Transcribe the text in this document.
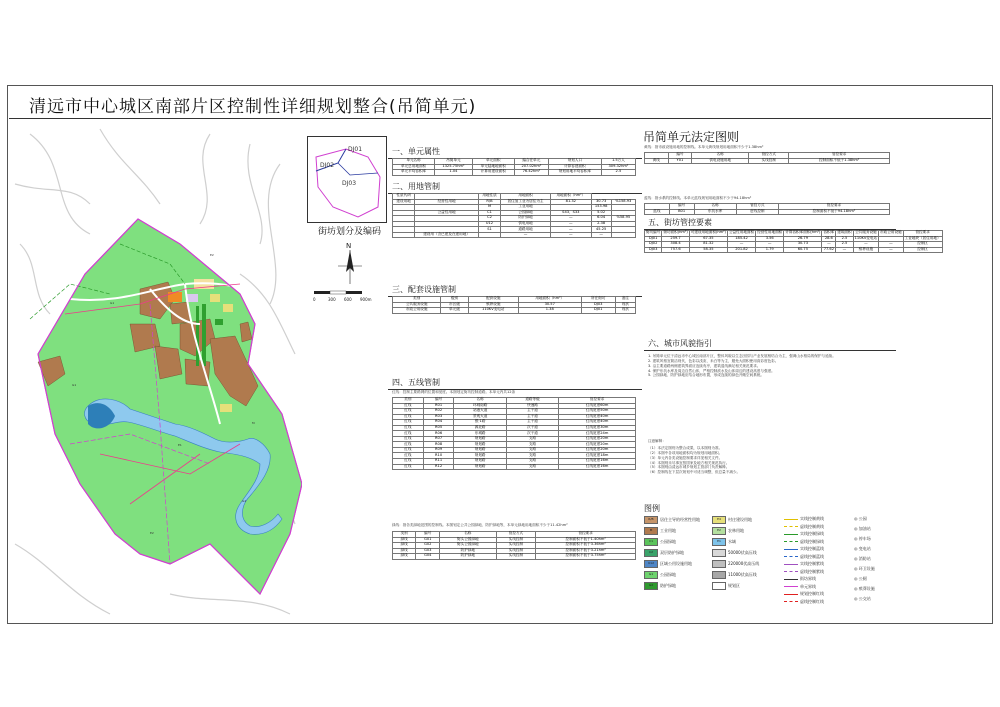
清远市中心城区南部片区控制性详细规划整合(吊简单元)
G1
E2
G1
E1
G2
E2
M
DJ01
DJ02
DJ03
街坊划分及编码
N
0	300 600 900m
一、单元属性
单元名称	吊简单元	单元面积	编合在单元	规划人口	1.5万人
单元总用地面积	1325.75hm²	单元陆地地面积	207.02hm²	计算容建面积	309.32hm²
单元平均容积率	1.04	计算用建设面积	76.42hm²	规划用地平均容积率	2.5
二、用地管制
性质代码		用地性质	用地面积	用地面积（hm²）		
建设用地	经营性用地	R/B	居住加工业为居住为主	81.32	30.73	%158.93
		M	工业用地		153.98	
	公益性用地	C1	公园绿地	S43、S33	5.02	
		C2	防护绿地	—	6.04	%58.95
		U12	供电用地	—	2.38	
		S1	道路用地	—	45.25	
	建设用（含已建及在建用地）		—	—	—	
三、配套设施管制
类别	级别	配套设施	用地面积（hm²）	所在街坊	备注
公共服务设施	市区级	殡葬设施	30.57	DJ03	现状
市政公用设施	单元级	110KV变电站	1.38	DJ01	现状
四、五线管制
红线：控制主要路网的位置和宽度。本图划定街坊控制道路。本单元内共12条
类别	编号	名称	道路等级	管控要求
红线	R01	环城南路	快速路	红线宽度60m
红线	R02	站港大道	主干道	红线宽度50m
红线	R03	景观大道	主干道	红线宽度40m
红线	R04	银·1路	主干道	红线宽度40m
红线	R05	源北路	次干道	红线宽度30m
红线	R06	东城路	次干道	红线宽度24m
红线	R07	规划路	支路	红线宽度20m
红线	R08	规划路	支路	红线宽度20m
红线	R09	规划路	支路	红线宽度20m
红线	R10	规划路	支路	红线宽度18m
红线	R11	规划路	支路	红线宽度16m
红线	R12	规划路	支路	红线宽度16m
绿线：指各类绿地范围的控制线。本图划定公共公园绿地、防护绿地等，本单元绿地用地面积不少于11.42hm²
类别	编号	名称	管控方式	管控要求
绿线	G01	街头公园绿地	实线控制	控制面积不低于1.40hm²
绿线	G02	街头公园绿地	实线控制	控制面积不低于3.36hm²
绿线	G03	防护绿地	实线控制	控制面积不低于3.21hm²
绿线	G04	防护绿地	实线控制	控制面积不低于3.75hm²
吊简单元法定图则
黄线：指市政设施用地的控制线。本单元黄线规划用地面积不少于1.38hm²
	编号	名称	管控方式	管控要求
黄线	Y01	供电设施用地	实线控制	控制面积不低于1.38hm²
蓝线：指水系的控制线。本单元蓝线规划用地面积不少于94.18hm²
	编号	名称	管控方式	管控要求
蓝线	B01	东坑水库	虚线控制	控制面积不低于94.18hm²
五、街坊管控要素
街坊编号	街坊面积(hm²)	可建设用地面积(hm²)	公益性用地面积	经营性用地面积	计算容积率面积(hm²)	容积率	建筑面积	公共服务设施	市政公用设施	管控要求
DJ01	259.7	67.35	185.42	3.56	26.79	28.6	2.5	110KV变电站		工业地块（居住用地）
DJ02	308.4	81.32	—	—	30.73	—	2.5	—	—	控制区
DJ03	757.6	58.35	201.82	1.79	60.75	77.62	—	殡葬设施	—	控制区
六、城市风貌指引
1. 吊简单元位于清远市中心城区南部片区，整体风貌以生态田园与产业发展相结合为主，强调山水格局的保护与延续。
2. 建筑风格宜简洁现代，色彩以浅灰、米白等为主，避免大面积使用高彩度色彩。
3. 沿主要道路两侧建筑界面应连续有序，建筑退线满足相关规范要求。
4. 保护东坑水库及周边自然山体，严格控制滨水及山体周边的建设高度与强度。
5. 公园绿地、防护绿地应结合地形布置，形成连续的绿色开敞空间系统。
注意解释：
（1）本法定图则为整合成果，以本图则为准。
（2）本图中各项用地面积均为规划用地面积。
（3）单元内各类设施控制要求详见相关文件。
（4）本图则未尽事宜按国家及地方相关规范执行。
（5）本图则由清远市城乡规划主管部门负责解释。
（6）控制线在下层次规划中可适当调整，但总量不减少。
图例
R/B 居住主导的经营性用地
M 工业用地
C1 公园绿地
C2 双层防护绿地
U12 区域公用设施用地
G1 公园绿地
G2 防护绿地
E4 村庄建设用地
E2 农林用地
E1 水域
50000伏高压线
220000伏高压线
11000伏高压线
规划区
实线控制黄线
虚线控制黄线
实线控制绿线
虚线控制绿线
实线控制蓝线
虚线控制蓝线
实线控制紫线
虚线控制紫线
街坊界线
单元界线
规划控制红线
虚线控制红线
◎ 公园
◎ 加油站
◎ 停车场
◎ 变电站
◎ 消防站
◎ 环卫设施
◎ 公厕
◎ 殡葬设施
◎ 公交站
